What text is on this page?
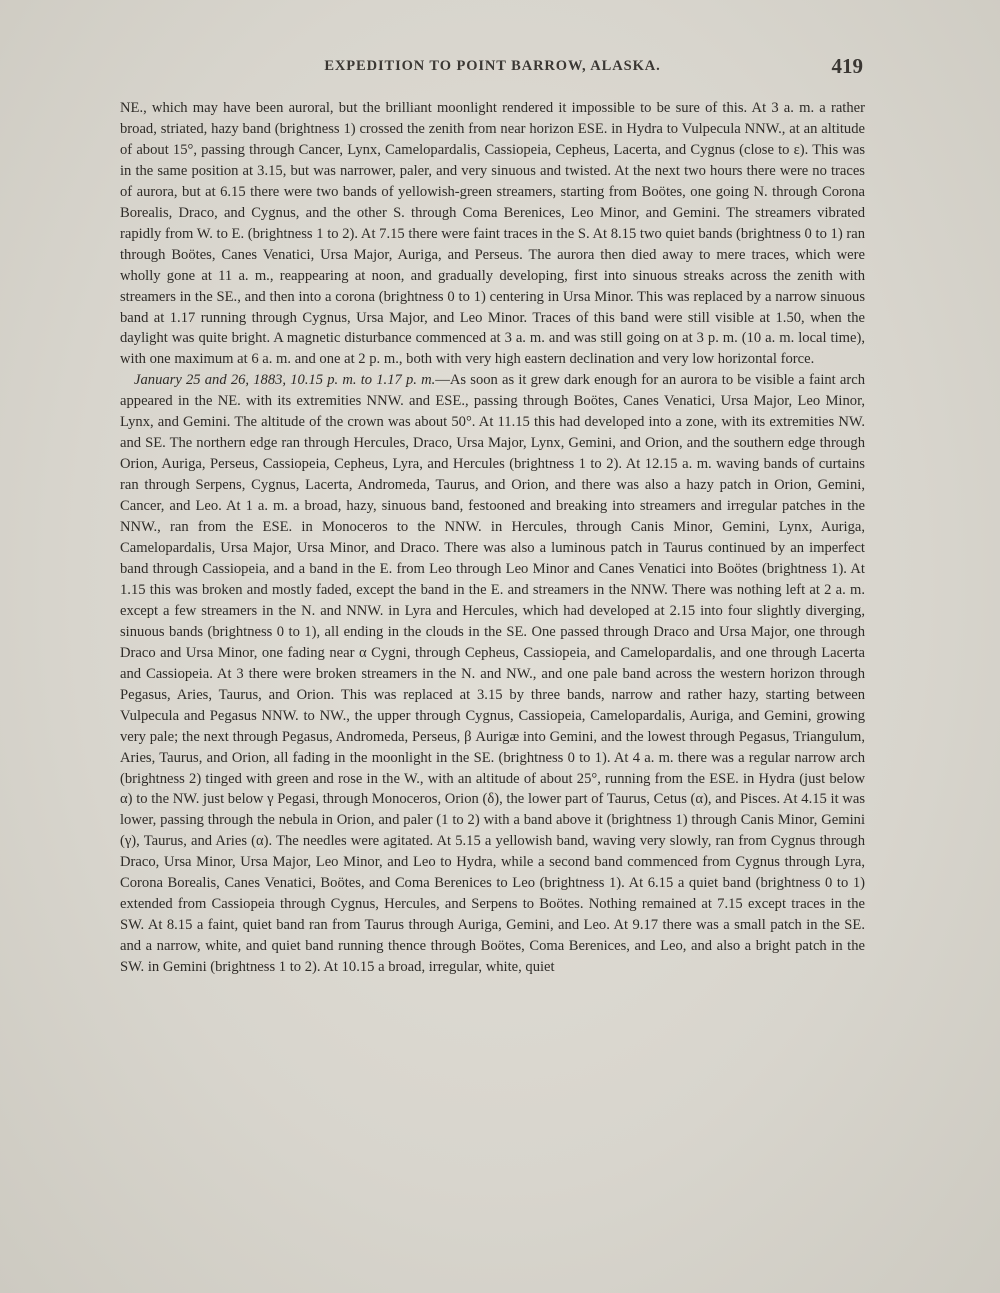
EXPEDITION TO POINT BARROW, ALASKA.	419

NE., which may have been auroral, but the brilliant moonlight rendered it impossible to be sure of this. At 3 a. m. a rather broad, striated, hazy band (brightness 1) crossed the zenith from near horizon ESE. in Hydra to Vulpecula NNW., at an altitude of about 15°, passing through Cancer, Lynx, Camelopardalis, Cassiopeia, Cepheus, Lacerta, and Cygnus (close to ε). This was in the same position at 3.15, but was narrower, paler, and very sinuous and twisted. At the next two hours there were no traces of aurora, but at 6.15 there were two bands of yellowish-green streamers, starting from Boötes, one going N. through Corona Borealis, Draco, and Cygnus, and the other S. through Coma Berenices, Leo Minor, and Gemini. The streamers vibrated rapidly from W. to E. (brightness 1 to 2). At 7.15 there were faint traces in the S. At 8.15 two quiet bands (brightness 0 to 1) ran through Boötes, Canes Venatici, Ursa Major, Auriga, and Perseus. The aurora then died away to mere traces, which were wholly gone at 11 a. m., reappearing at noon, and gradually developing, first into sinuous streaks across the zenith with streamers in the SE., and then into a corona (brightness 0 to 1) centering in Ursa Minor. This was replaced by a narrow sinuous band at 1.17 running through Cygnus, Ursa Major, and Leo Minor. Traces of this band were still visible at 1.50, when the daylight was quite bright. A magnetic disturbance commenced at 3 a. m. and was still going on at 3 p. m. (10 a. m. local time), with one maximum at 6 a. m. and one at 2 p. m., both with very high eastern declination and very low horizontal force.

January 25 and 26, 1883, 10.15 p. m. to 1.17 p. m.—As soon as it grew dark enough for an aurora to be visible a faint arch appeared in the NE. with its extremities NNW. and ESE., passing through Boötes, Canes Venatici, Ursa Major, Leo Minor, Lynx, and Gemini. The altitude of the crown was about 50°. At 11.15 this had developed into a zone, with its extremities NW. and SE. The northern edge ran through Hercules, Draco, Ursa Major, Lynx, Gemini, and Orion, and the southern edge through Orion, Auriga, Perseus, Cassiopeia, Cepheus, Lyra, and Hercules (brightness 1 to 2). At 12.15 a. m. waving bands of curtains ran through Serpens, Cygnus, Lacerta, Andromeda, Taurus, and Orion, and there was also a hazy patch in Orion, Gemini, Cancer, and Leo. At 1 a. m. a broad, hazy, sinuous band, festooned and breaking into streamers and irregular patches in the NNW., ran from the ESE. in Monoceros to the NNW. in Hercules, through Canis Minor, Gemini, Lynx, Auriga, Camelopardalis, Ursa Major, Ursa Minor, and Draco. There was also a luminous patch in Taurus continued by an imperfect band through Cassiopeia, and a band in the E. from Leo through Leo Minor and Canes Venatici into Boötes (brightness 1). At 1.15 this was broken and mostly faded, except the band in the E. and streamers in the NNW. There was nothing left at 2 a. m. except a few streamers in the N. and NNW. in Lyra and Hercules, which had developed at 2.15 into four slightly diverging, sinuous bands (brightness 0 to 1), all ending in the clouds in the SE. One passed through Draco and Ursa Major, one through Draco and Ursa Minor, one fading near α Cygni, through Cepheus, Cassiopeia, and Camelopardalis, and one through Lacerta and Cassiopeia. At 3 there were broken streamers in the N. and NW., and one pale band across the western horizon through Pegasus, Aries, Taurus, and Orion. This was replaced at 3.15 by three bands, narrow and rather hazy, starting between Vulpecula and Pegasus NNW. to NW., the upper through Cygnus, Cassiopeia, Camelopardalis, Auriga, and Gemini, growing very pale; the next through Pegasus, Andromeda, Perseus, β Aurigæ into Gemini, and the lowest through Pegasus, Triangulum, Aries, Taurus, and Orion, all fading in the moonlight in the SE. (brightness 0 to 1). At 4 a. m. there was a regular narrow arch (brightness 2) tinged with green and rose in the W., with an altitude of about 25°, running from the ESE. in Hydra (just below α) to the NW. just below γ Pegasi, through Monoceros, Orion (δ), the lower part of Taurus, Cetus (α), and Pisces. At 4.15 it was lower, passing through the nebula in Orion, and paler (1 to 2) with a band above it (brightness 1) through Canis Minor, Gemini (γ), Taurus, and Aries (α). The needles were agitated. At 5.15 a yellowish band, waving very slowly, ran from Cygnus through Draco, Ursa Minor, Ursa Major, Leo Minor, and Leo to Hydra, while a second band commenced from Cygnus through Lyra, Corona Borealis, Canes Venatici, Boötes, and Coma Berenices to Leo (brightness 1). At 6.15 a quiet band (brightness 0 to 1) extended from Cassiopeia through Cygnus, Hercules, and Serpens to Boötes. Nothing remained at 7.15 except traces in the SW. At 8.15 a faint, quiet band ran from Taurus through Auriga, Gemini, and Leo. At 9.17 there was a small patch in the SE. and a narrow, white, and quiet band running thence through Boötes, Coma Berenices, and Leo, and also a bright patch in the SW. in Gemini (brightness 1 to 2). At 10.15 a broad, irregular, white, quiet
